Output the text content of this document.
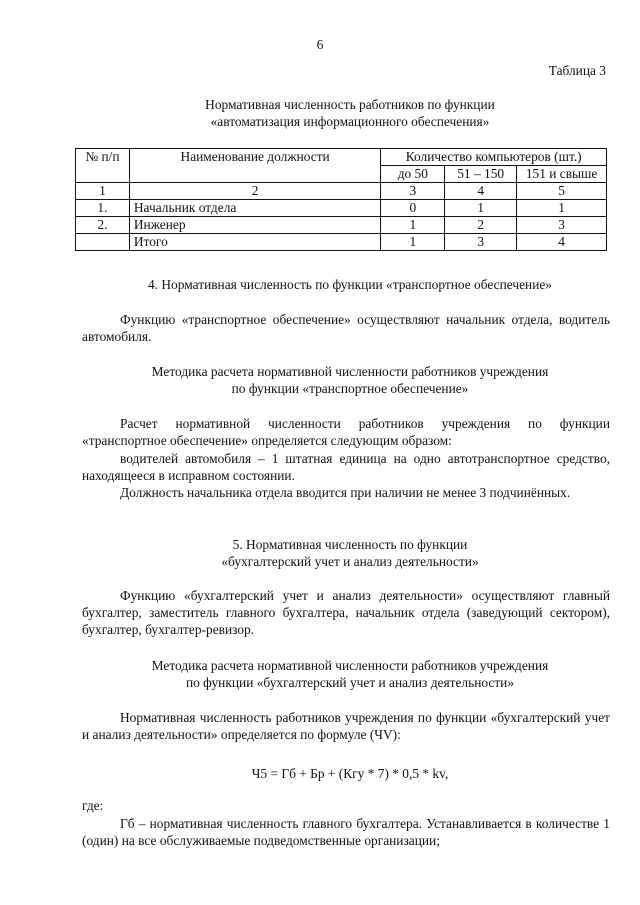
6
Таблица 3
Нормативная численность работников по функции
«автоматизация информационного обеспечения»
№ п/п	Наименование должности	Количество компьютеров (шт.)		
		до 50	51 – 150	151 и свыше
1	2	3	4	5
1.	Начальник отдела	0	1	1
2.	Инженер	1	2	3
	Итого	1	3	4
4. Нормативная численность по функции «транспортное обеспечение»
Функцию «транспортное обеспечение» осуществляют начальник отдела, водитель автомобиля.
Методика расчета нормативной численности работников учреждения
по функции «транспортное обеспечение»
Расчет нормативной численности работников учреждения по функции «транспортное обеспечение» определяется следующим образом:
водителей автомобиля – 1 штатная единица на одно автотранспортное средство, находящееся в исправном состоянии.
Должность начальника отдела вводится при наличии не менее 3 подчинённых.
5. Нормативная численность по функции
«бухгалтерский учет и анализ деятельности»
Функцию «бухгалтерский учет и анализ деятельности» осуществляют главный бухгалтер, заместитель главного бухгалтера, начальник отдела (заведующий сектором), бухгалтер, бухгалтер-ревизор.
Методика расчета нормативной численности работников учреждения
по функции «бухгалтерский учет и анализ деятельности»
Нормативная численность работников учреждения по функции «бухгалтерский учет и анализ деятельности» определяется по формуле (ЧV):
Ч5 = Гб + Бр + (Кгу * 7) * 0,5 * kv,
где:
Гб – нормативная численность главного бухгалтера. Устанавливается в количестве 1 (один) на все обслуживаемые подведомственные организации;
